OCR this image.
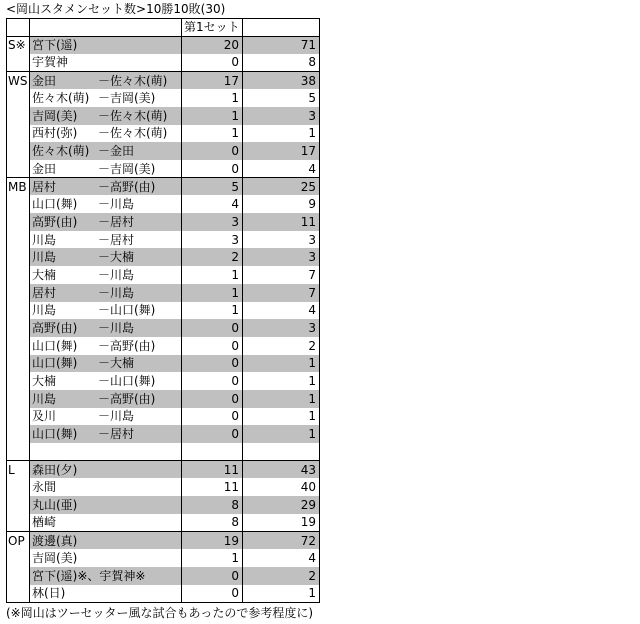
<岡山スタメンセット数>10勝10敗(30)
		第1セット	
S※	宮下(遥)	20	71

	宇賀神	0	8
WS	金田 －佐々木(萌)	17	38

	佐々木(萌) －吉岡(美)	1	5

	吉岡(美) －佐々木(萌)	1	3

	西村(弥) －佐々木(萌)	1	1

	佐々木(萌) －金田	0	17

	金田 －吉岡(美)	0	4
MB	居村 －高野(由)	5	25

	山口(舞) －川島	4	9

	高野(由) －居村	3	11

	川島 －居村	3	3

	川島 －大楠	2	3

	大楠 －川島	1	7

	居村 －川島	1	7

	川島 －山口(舞)	1	4

	高野(由) －川島	0	3

	山口(舞) －高野(由)	0	2

	山口(舞) －大楠	0	1

	大楠 －山口(舞)	0	1

	川島 －高野(由)	0	1

	及川 －川島	0	1

	山口(舞) －居村	0	1

L	森田(夕)	11	43

	永間	11	40

	丸山(亜)	8	29

	楢崎	8	19
OP	渡邊(真)	19	72

	吉岡(美)	1	4

	宮下(遥)※、宇賀神※	0	2

	林(日)	0	1
(※岡山はツーセッター風な試合もあったので参考程度に)
